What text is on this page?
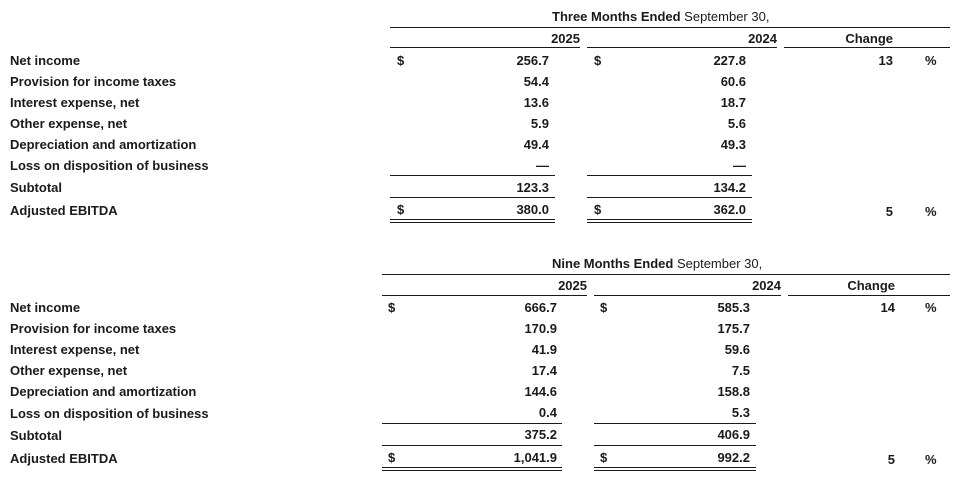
Three Months Ended September 30,
2025	2024	Change
Net income	$	256.7	$	227.8	13 %
Provision for income taxes	54.4	60.6
Interest expense, net	13.6	18.7
Other expense, net	5.9	5.6
Depreciation and amortization	49.4	49.3
Loss on disposition of business	—	—
Subtotal	123.3	134.2
Adjusted EBITDA	$	380.0	$	362.0	5 %
Nine Months Ended September 30,
2025	2024	Change
Net income	$	666.7	$	585.3	14 %
Provision for income taxes	170.9	175.7
Interest expense, net	41.9	59.6
Other expense, net	17.4	7.5
Depreciation and amortization	144.6	158.8
Loss on disposition of business	0.4	5.3
Subtotal	375.2	406.9
Adjusted EBITDA	$	1,041.9	$	992.2	5 %
